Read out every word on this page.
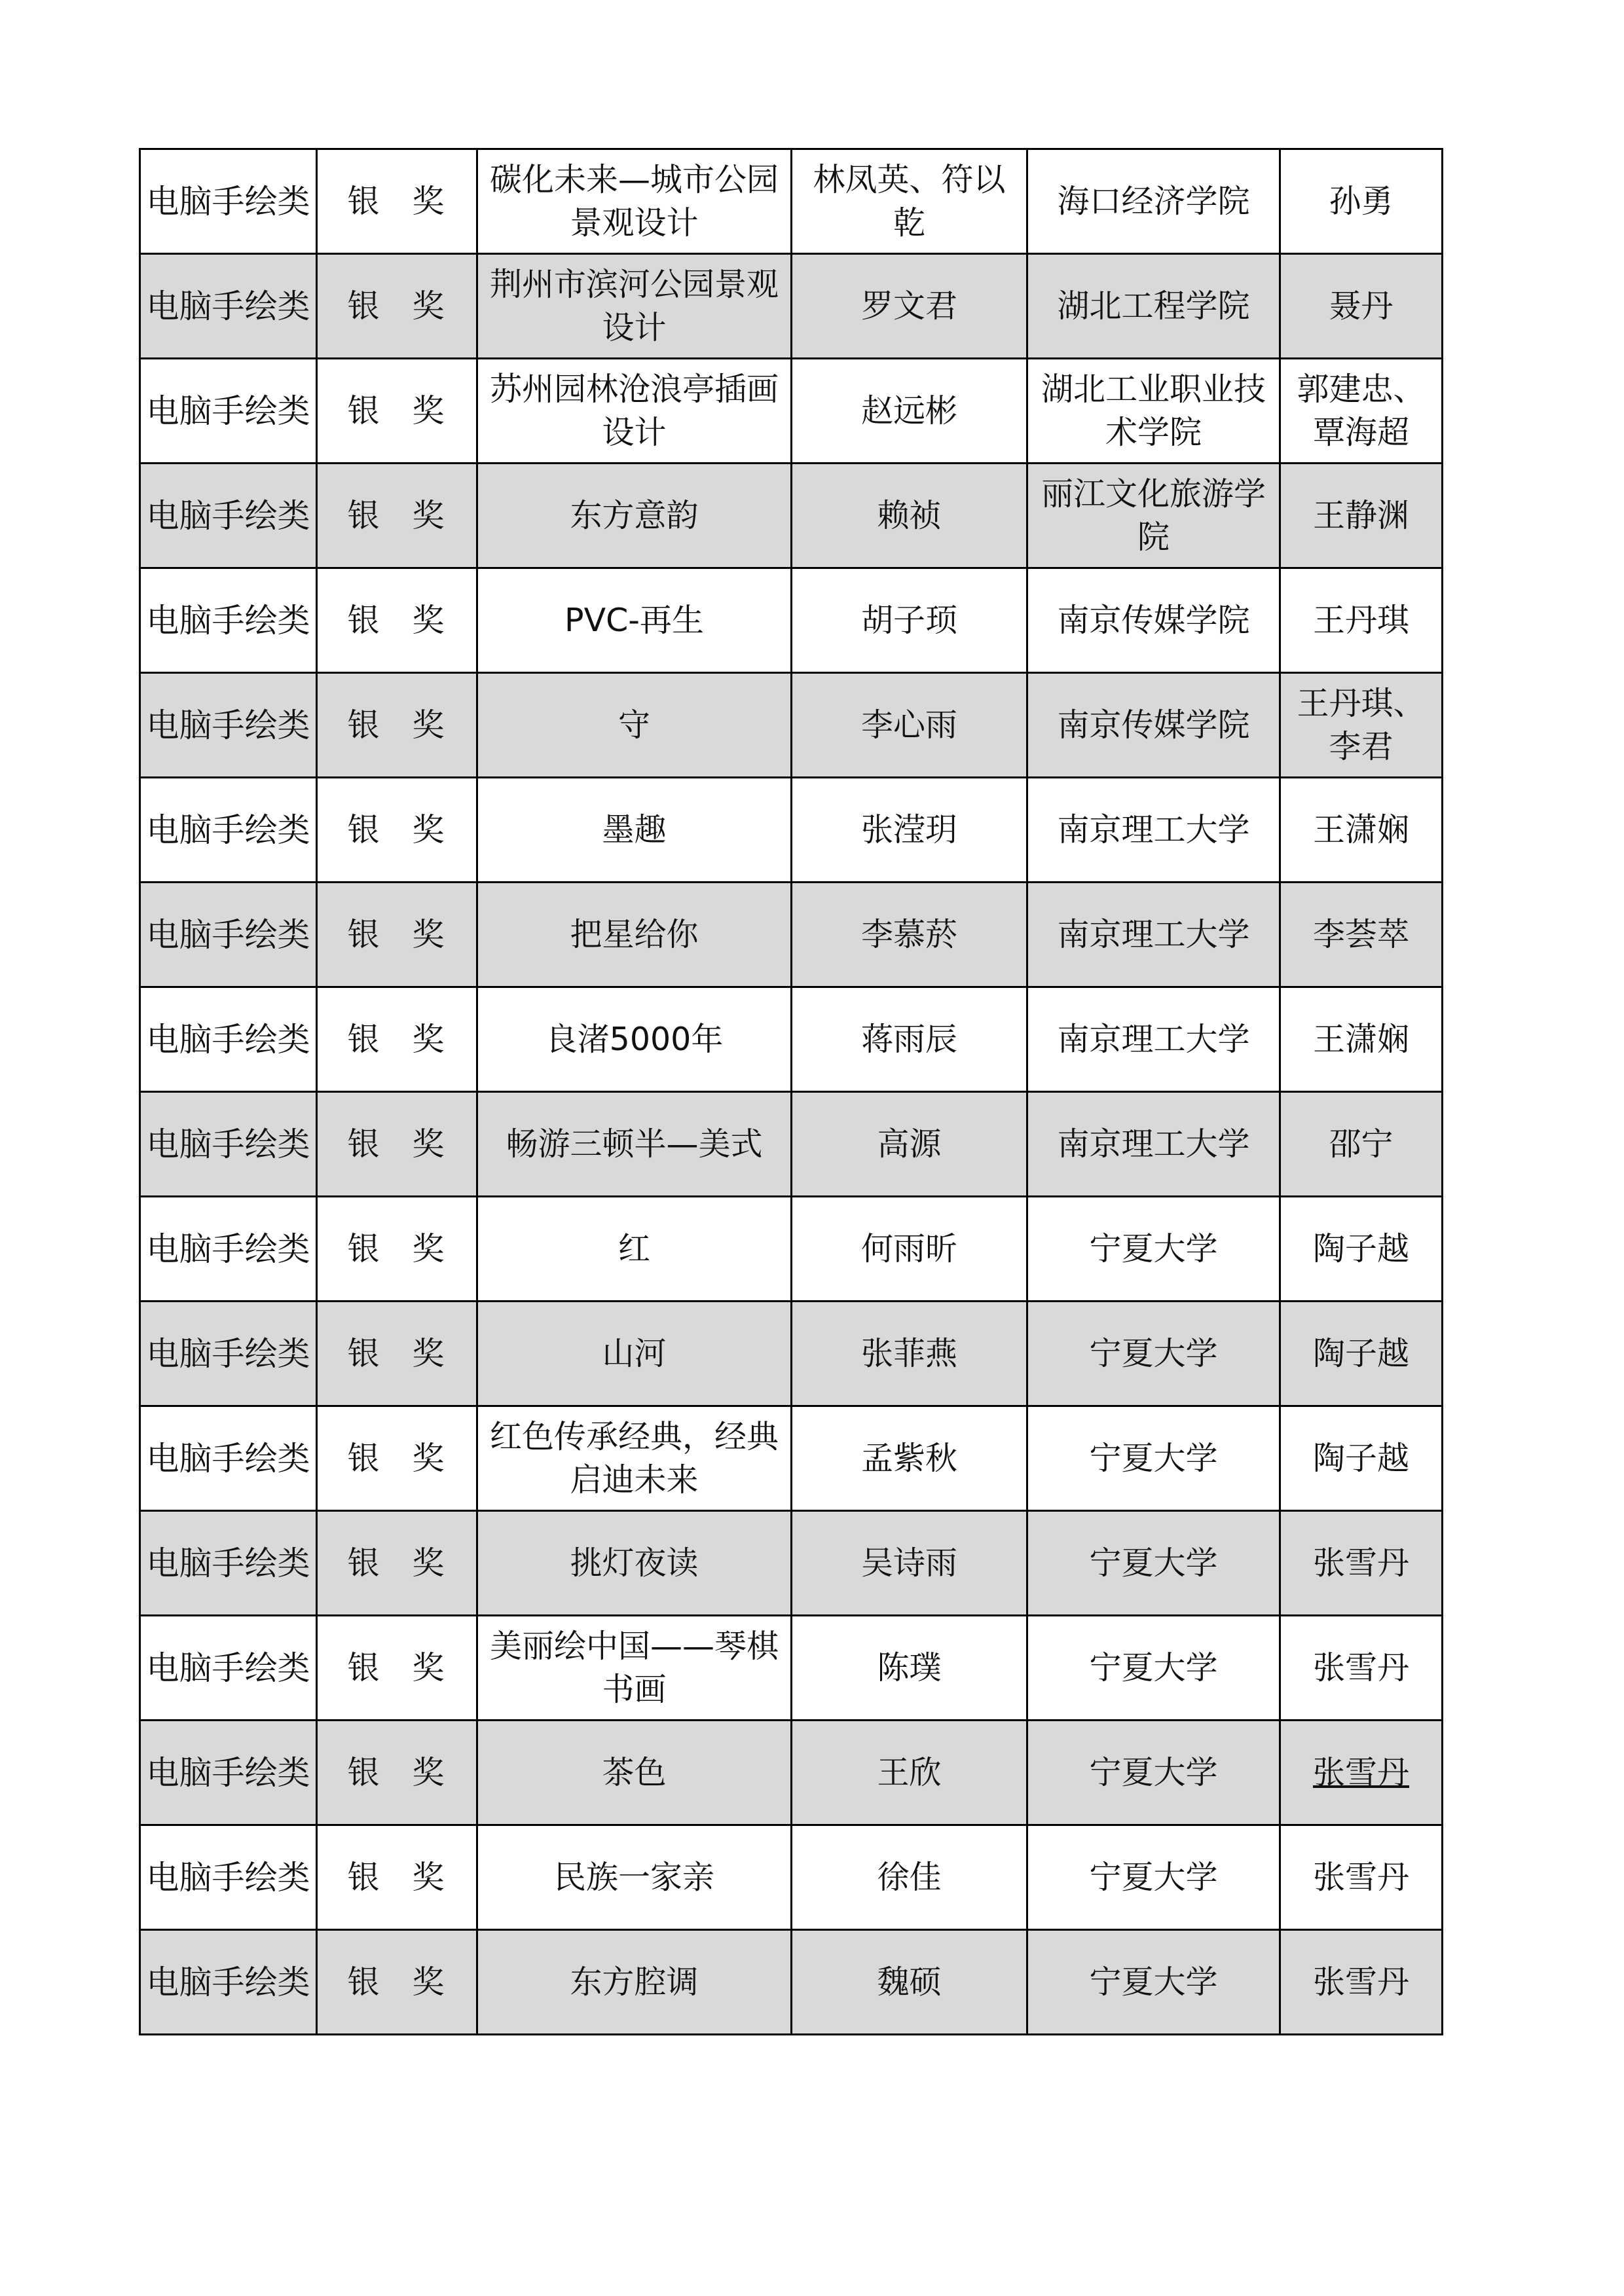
电脑手绘类	银 奖	碳化未来—城市公园景观设计	林凤英、符以乾	海口经济学院	孙勇
电脑手绘类	银 奖	荆州市滨河公园景观设计	罗文君	湖北工程学院	聂丹
电脑手绘类	银 奖	苏州园林沧浪亭插画设计	赵远彬	湖北工业职业技术学院	郭建忠、覃海超
电脑手绘类	银 奖	东方意韵	赖祯	丽江文化旅游学院	王静渊
电脑手绘类	银 奖	PVC-再生	胡子顼	南京传媒学院	王丹琪
电脑手绘类	银 奖	守	李心雨	南京传媒学院	王丹琪、李君
电脑手绘类	银 奖	墨趣	张滢玥	南京理工大学	王潇娴
电脑手绘类	银 奖	把星给你	李慕菸	南京理工大学	李荟萃
电脑手绘类	银 奖	良渚5000年	蒋雨辰	南京理工大学	王潇娴
电脑手绘类	银 奖	畅游三顿半—美式	高源	南京理工大学	邵宁
电脑手绘类	银 奖	红	何雨昕	宁夏大学	陶子越
电脑手绘类	银 奖	山河	张菲燕	宁夏大学	陶子越
电脑手绘类	银 奖	红色传承经典，经典启迪未来	孟紫秋	宁夏大学	陶子越
电脑手绘类	银 奖	挑灯夜读	吴诗雨	宁夏大学	张雪丹
电脑手绘类	银 奖	美丽绘中国——琴棋书画	陈璞	宁夏大学	张雪丹
电脑手绘类	银 奖	茶色	王欣	宁夏大学	张雪丹
电脑手绘类	银 奖	民族一家亲	徐佳	宁夏大学	张雪丹
电脑手绘类	银 奖	东方腔调	魏硕	宁夏大学	张雪丹
